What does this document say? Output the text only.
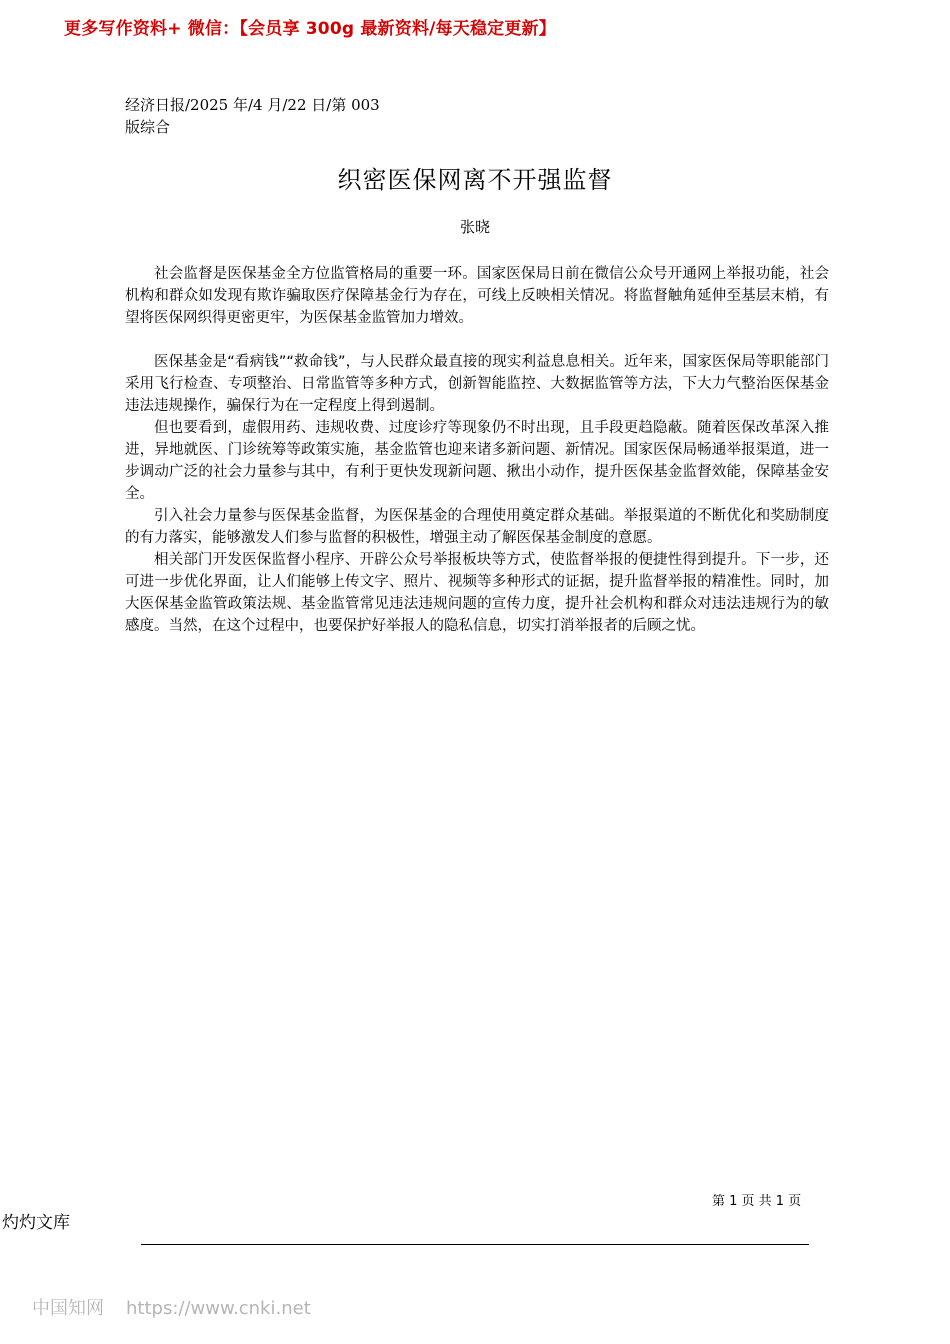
更多写作资料+ 微信：【会员享 300g 最新资料/每天稳定更新】
经济日报/2025 年/4 月/22 日/第 003
版综合
织密医保网离不开强监督
张晓

社会监督是医保基金全方位监管格局的重要一环。国家医保局日前在微信公众号开通网上举报功能，社会机构和群众如发现有欺诈骗取医疗保障基金行为存在，可线上反映相关情况。将监督触角延伸至基层末梢，有望将医保网织得更密更牢，为医保基金监管加力增效。

医保基金是“看病钱”“救命钱”，与人民群众最直接的现实利益息息相关。近年来，国家医保局等职能部门采用飞行检查、专项整治、日常监管等多种方式，创新智能监控、大数据监管等方法，下大力气整治医保基金违法违规操作，骗保行为在一定程度上得到遏制。

但也要看到，虚假用药、违规收费、过度诊疗等现象仍不时出现，且手段更趋隐蔽。随着医保改革深入推进，异地就医、门诊统筹等政策实施，基金监管也迎来诸多新问题、新情况。国家医保局畅通举报渠道，进一步调动广泛的社会力量参与其中，有利于更快发现新问题、揪出小动作，提升医保基金监督效能，保障基金安全。

引入社会力量参与医保基金监督，为医保基金的合理使用奠定群众基础。举报渠道的不断优化和奖励制度的有力落实，能够激发人们参与监督的积极性，增强主动了解医保基金制度的意愿。

相关部门开发医保监督小程序、开辟公众号举报板块等方式，使监督举报的便捷性得到提升。下一步，还可进一步优化界面，让人们能够上传文字、照片、视频等多种形式的证据，提升监督举报的精准性。同时，加大医保基金监管政策法规、基金监管常见违法违规问题的宣传力度，提升社会机构和群众对违法违规行为的敏感度。当然，在这个过程中，也要保护好举报人的隐私信息，切实打消举报者的后顾之忧。

第 1 页 共 1 页
灼灼文库
中国知网 https://www.cnki.net
